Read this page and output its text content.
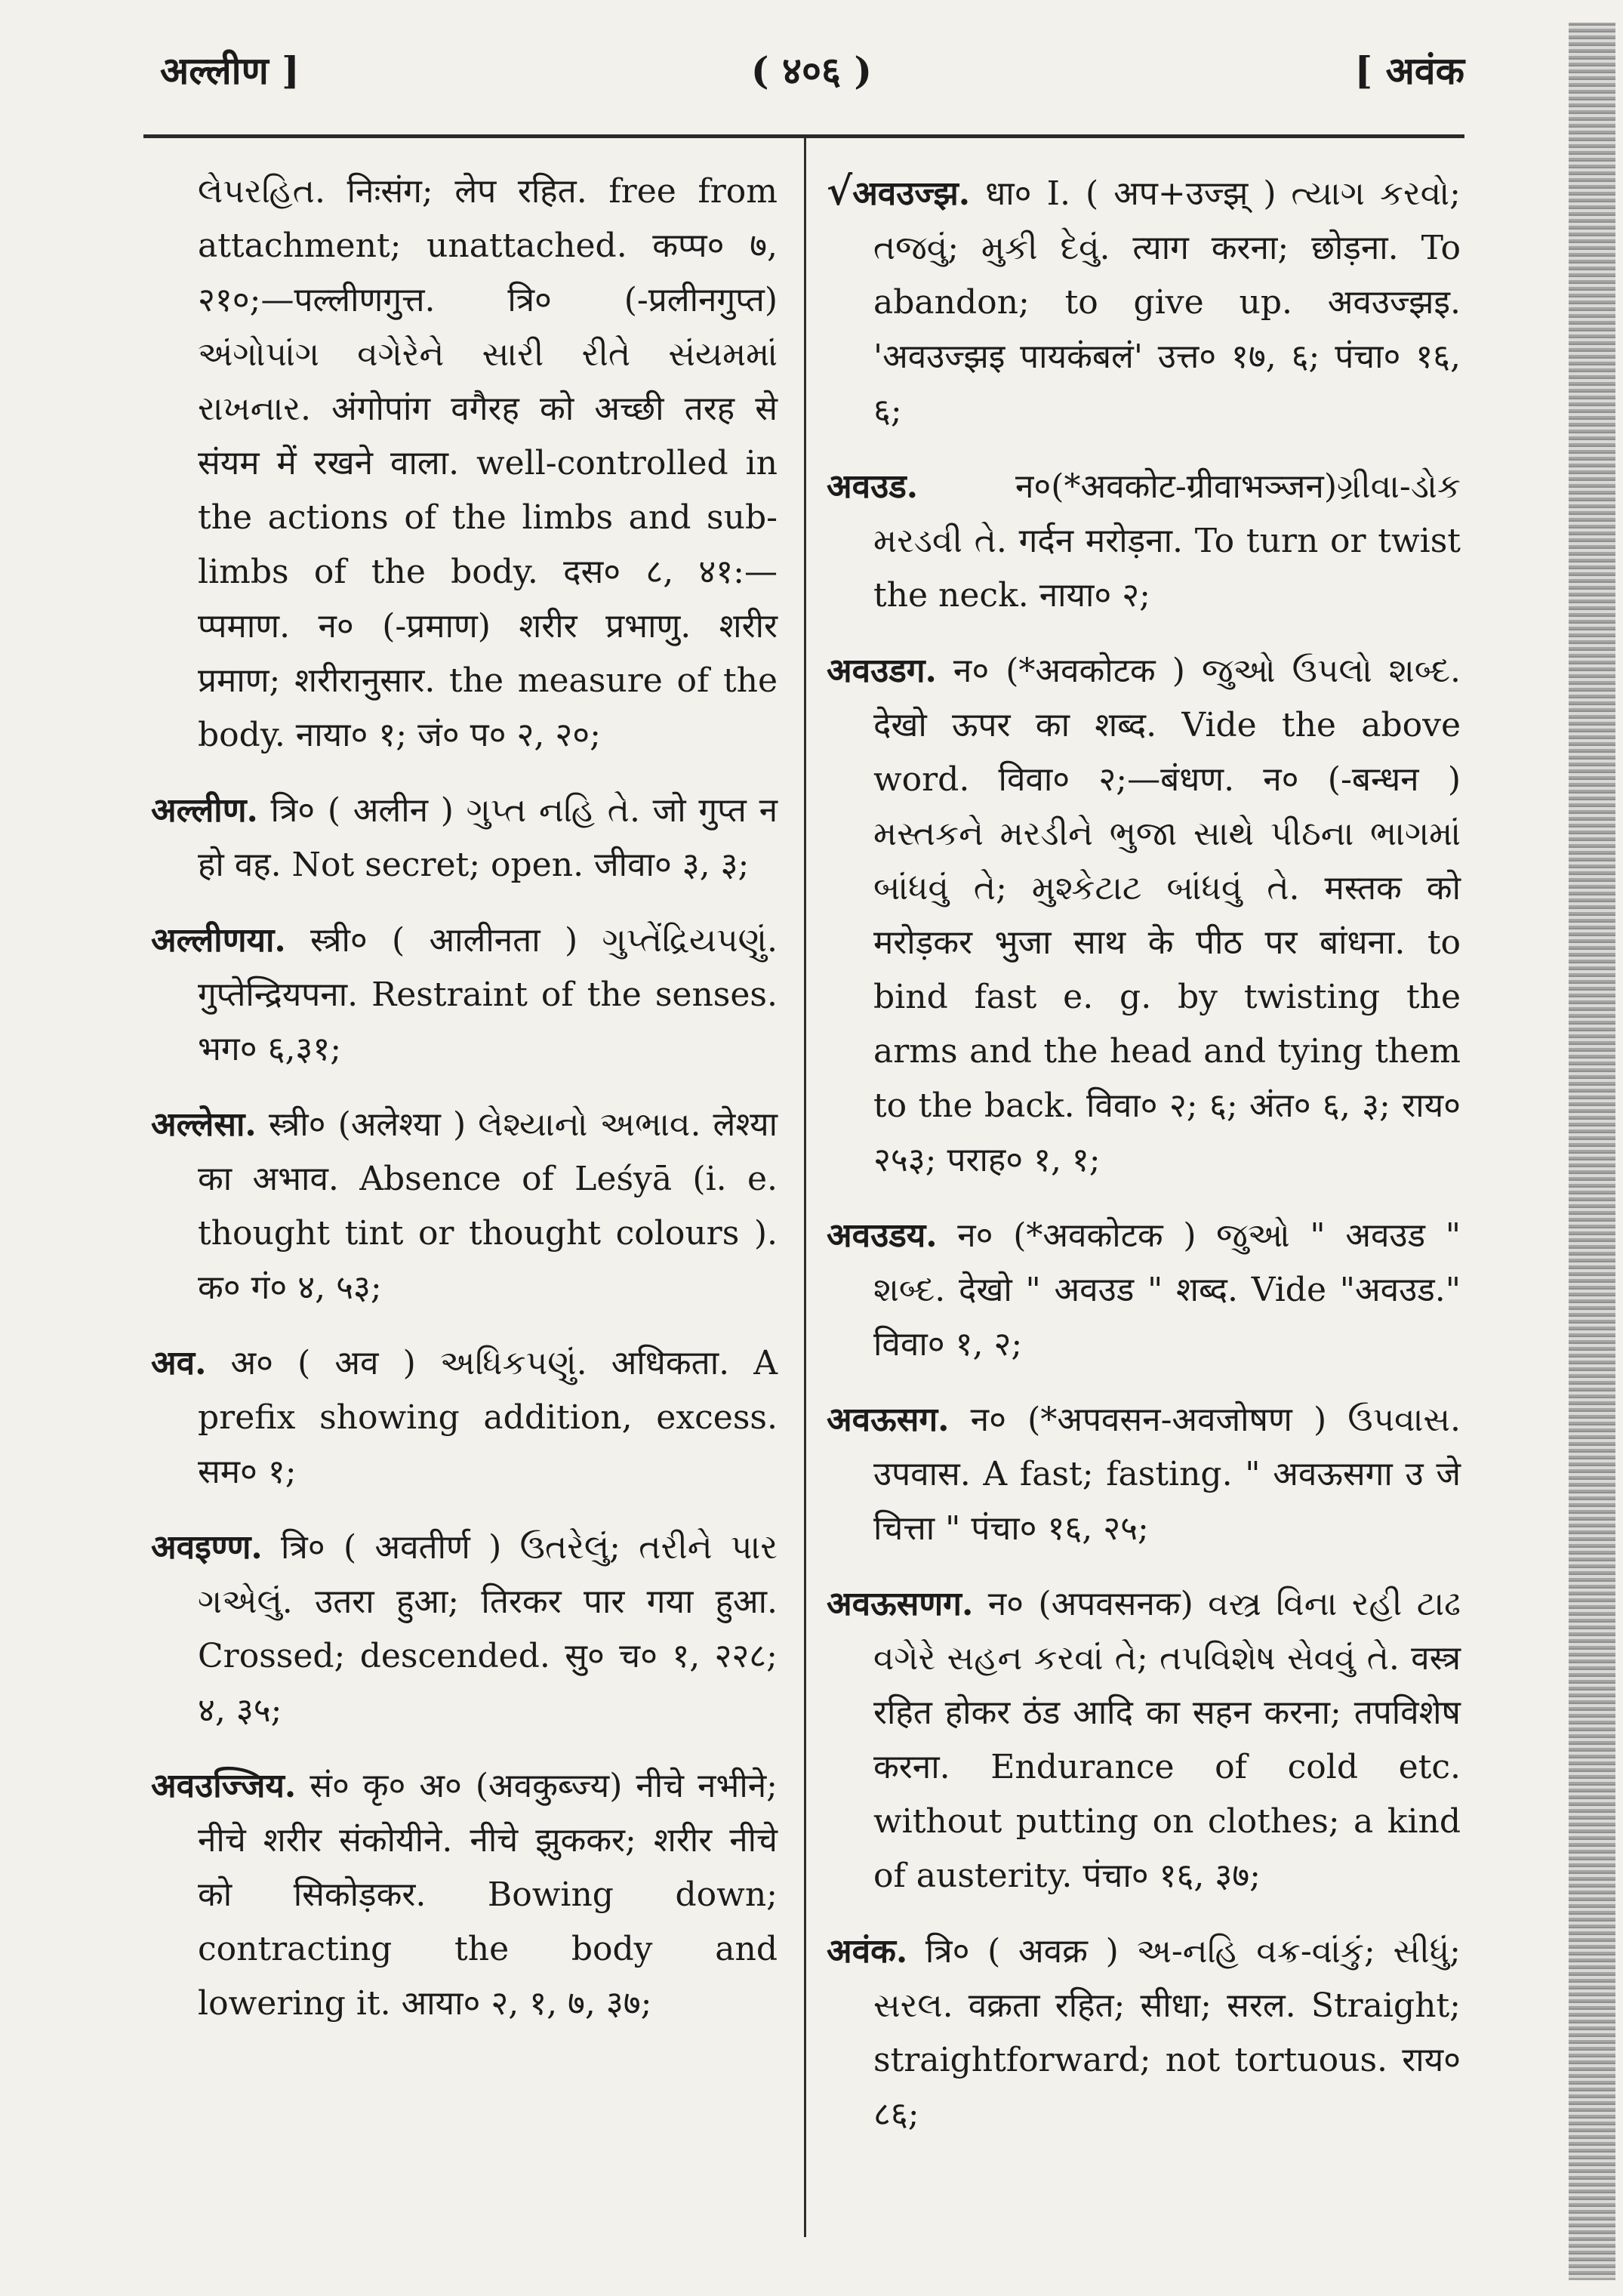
अल्लीण ]	( ४०६ )	[ अवंक

લેપરહિત. निःसंग; लेप रहित. free from attachment; unattached. कप्प० ७, २१०;—पल्लीणगुत्त. त्रि० (-प्रलीनगुप्त) અંગોપાંગ વગેરેને સારી રીતે સંયમમાં રાખનાર. अंगोपांग वगैरह को अच्छी तरह से संयम में रखने वाला. well-controlled in the actions of the limbs and sub-limbs of the body. दस० ८, ४१:—प्पमाण. न० (-प्रमाण) शरीर प्रभाणु. शरीर प्रमाण; शरीरानुसार. the measure of the body. नाया० १; जं० प० २, २०;

अल्लीण. त्रि० ( अलीन ) ગુપ્ત નહિ તે. जो गुप्त न हो वह. Not secret; open. जीवा० ३, ३;

अल्लीणया. स्त्री० ( आलीनता ) ગુપ્તેંદ્રિયપણું. गुप्तेन्द्रियपना. Restraint of the senses. भग० ६,३१;

अल्लेसा. स्त्री० (अलेश्या ) લેશ્યાનો અભાવ. लेश्या का अभाव. Absence of Leśyā (i. e. thought tint or thought colours ). क० गं० ४, ५३;

अव. अ० ( अव ) અધિકપણું. अधिकता. A prefix showing addition, excess. सम० १;

अवइण्ण. त्रि० ( अवतीर्ण ) ઉતરેલું; તરીને પાર ગએલું. उतरा हुआ; तिरकर पार गया हुआ. Crossed; descended. सु० च० १, २२८; ४, ३५;

अवउज्जिय. सं० कृ० अ० (अवकुब्ज्य) नीचे नभीने; नीचे शरीर संकोयीने. नीचे झुककर; शरीर नीचे को सिकोड़कर. Bowing down; contracting the body and lowering it. आया० २, १, ७, ३७;

√अवउज्झ. धा० I. ( अप+उज्झ् ) ત્યાગ કરવો; તજવું; મુકી દેવું. त्याग करना; छोड़ना. To abandon; to give up. अवउज्झइ. 'अवउज्झइ पायकंबलं' उत्त० १७, ६; पंचा० १६, ६;

अवउड. न०(*अवकोट-ग्रीवाभञ्जन)ગ્રીવા-ડોક મરડવી તે. गर्दन मरोड़ना. To turn or twist the neck. नाया० २;

अवउडग. न० (*अवकोटक ) જુઓ ઉપલો શબ્દ. देखो ऊपर का शब्द. Vide the above word. विवा० २;—बंधण. न० (-बन्धन ) મસ્તકને મરડીને ભુજા સાથે પીઠના ભાગમાં બાંધવું તે; મુશ્કેટાટ બાંધવું તે. मस्तक को मरोड़कर भुजा साथ के पीठ पर बांधना. to bind fast e. g. by twisting the arms and the head and tying them to the back. विवा० २; ६; अंत० ६, ३; राय० २५३; पराह० १, १;

अवउडय. न० (*अवकोटक ) જુઓ " अवउड " શબ્દ. देखो " अवउड " शब्द. Vide "अवउड." विवा० १, २;

अवऊसग. न० (*अपवसन-अवजोषण ) ઉપવાસ. उपवास. A fast; fasting. " अवऊसगा उ जे चित्ता " पंचा० १६, २५;

अवऊसणग. न० (अपवसनक) વસ્ત્ર વિના રહી ટાઢ વગેરે સહન કરવાં તે; તપવિશેષ સેવવું તે. वस्त्र रहित होकर ठंड आदि का सहन करना; तपविशेष करना. Endurance of cold etc. without putting on clothes; a kind of austerity. पंचा० १६, ३७;

अवंक. त्रि० ( अवक्र ) અ-નહિ વક્ર-વાંકું; સીધું; સરલ. वक्रता रहित; सीधा; सरल. Straight; straightforward; not tortuous. राय० ८६;
